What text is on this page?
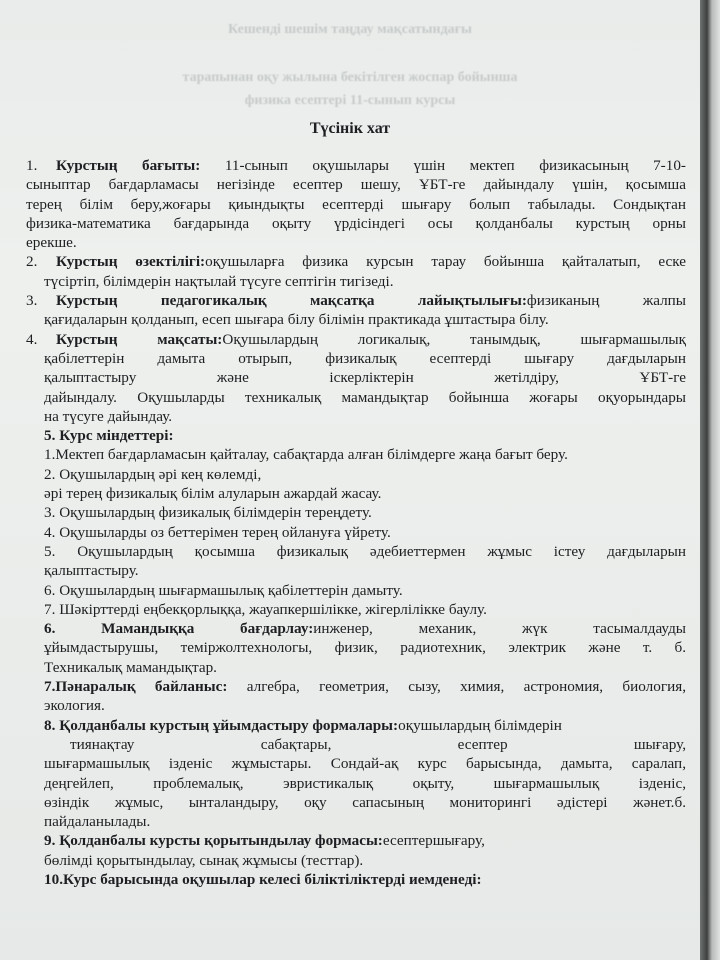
Кешенді шешім таңдау мақсатындағы
тарапынан оқу жылына бекітілген жоспар бойынша
физика есептері 11-сынып курсы
Түсінік хат
1. Курстың бағыты: 11-сынып оқушылары үшін мектеп физикасының 7-10-
сыныптар бағдарламасы негізінде есептер шешу, ҰБТ-ге дайындалу үшін, қосымша
терең білім беру,жоғары қиындықты есептерді шығару болып табылады. Сондықтан
физика-математика бағдарында оқыту үрдісіндегі осы қолданбалы курстың орны
ерекше.
2. Курстың өзектілігі:оқушыларға физика курсын тарау бойынша қайталатып, еске
түсіртіп, білімдерін нақтылай түсуге септігін тигізеді.
3. Курстың педагогикалық мақсатқа лайықтылығы:физиканың жалпы
қағидаларын қолданып, есеп шығара білу білімін практикада ұштастыра білу.
4. Курстың мақсаты:Оқушылардың логикалық, танымдық, шығармашылық
қабілеттерін дамыта отырып, физикалық есептерді шығару дағдыларын
қалыптастыру және іскерліктерін жетілдіру, ҰБТ-ге
дайындалу. Оқушыларды техникалық мамандықтар бойынша жоғары оқуорындары
на түсуге дайындау.
5. Курс міндеттері:
1.Мектеп бағдарламасын қайталау, сабақтарда алған білімдерге жаңа бағыт беру.
2. Оқушылардың әрі кең көлемді,
әрі терең физикалық білім алуларын ажардай жасау.
3. Оқушылардың физикалық білімдерін тереңдету.
4. Оқушыларды оз беттерімен терең ойлануға үйрету.
5. Оқушылардың қосымша физикалық әдебиеттермен жұмыс істеу дағдыларын
қалыптастыру.
6. Оқушылардың шығармашылық қабілеттерін дамыту.
7. Шәкірттерді еңбекқорлыққа, жауапкершілікке, жігерлілікке баулу.
6. Мамандыққа бағдарлау:инженер, механик, жүк тасымалдауды
ұйымдастырушы, теміржолтехнологы, физик, радиотехник, электрик және т. б.
Техникалық мамандықтар.
7.Пәнаралық байланыс: алгебра, геометрия, сызу, химия, астрономия, биология,
экология.
8. Қолданбалы курстың ұйымдастыру формалары:оқушылардың білімдерін
тиянақтау сабақтары, есептер шығару,
шығармашылық ізденіс жұмыстары. Сондай-ақ курс барысында, дамыта, саралап,
деңгейлеп, проблемалық, эвристикалық оқыту, шығармашылық ізденіс,
өзіндік жұмыс, ынталандыру, оқу сапасының мониторингі әдістері жәнет.б.
пайдаланылады.
9. Қолданбалы курсты қорытындылау формасы:есептершығару,
бөлімді қорытындылау, сынақ жұмысы (тесттар).
10.Курс барысында оқушылар келесі біліктіліктерді иемденеді:
